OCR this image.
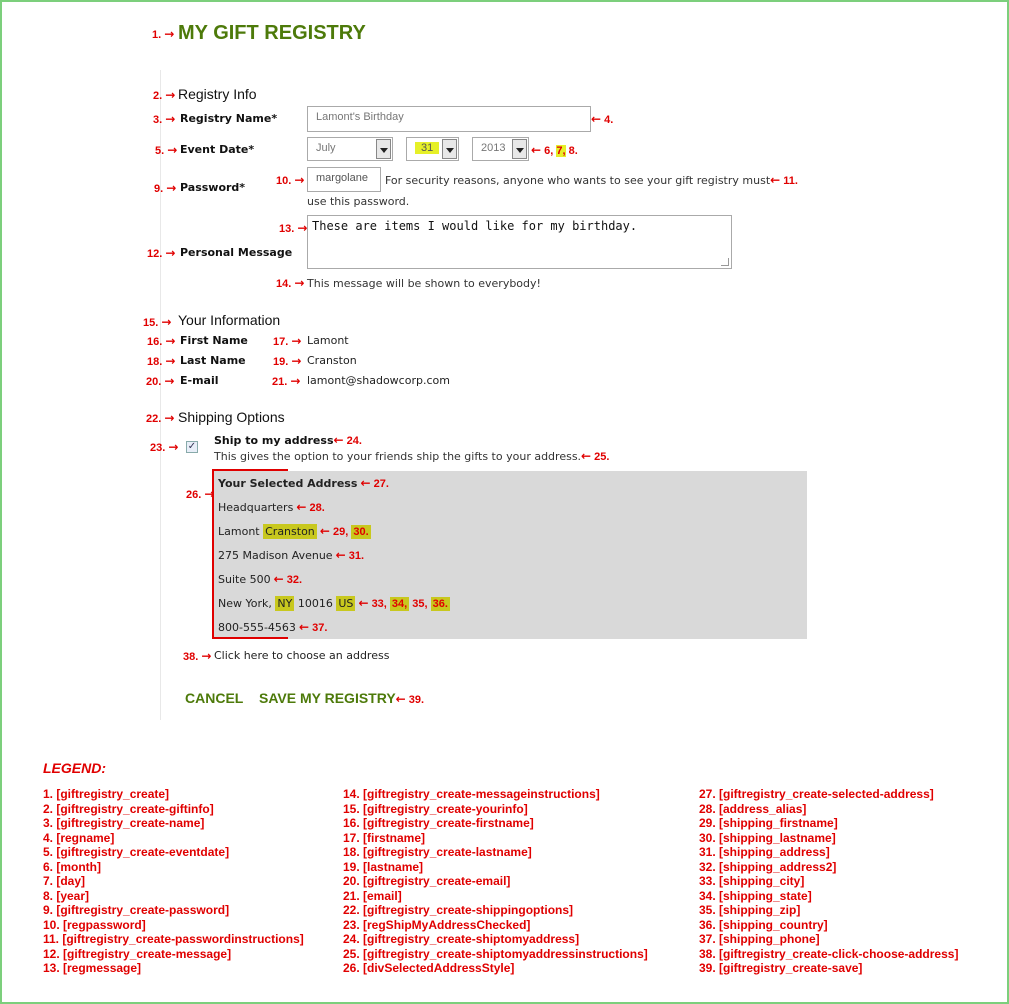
1. → MY GIFT REGISTRY
2. → Registry Info
3. → Registry Name*	Lamont's Birthday	← 4.
5. → Event Date*	July	31	2013	← 6, 7, 8.
9. → Password*	10. →	margolane	For security reasons, anyone who wants to see your gift registry must← 11.
use this password.
12. → Personal Message
13. → These are items I would like for my birthday.
14. → This message will be shown to everybody!
15. → Your Information
16. → First Name 17. → Lamont
18. → Last Name 19. → Cranston
20. → E-mail	21. → lamont@shadowcorp.com
22. → Shipping Options
23. → ✓ Ship to my address← 24.
This gives the option to your friends ship the gifts to your address.← 25.
26. →
Your Selected Address ← 27.
Headquarters ← 28.
Lamont Cranston ← 29, 30.
275 Madison Avenue ← 31.
Suite 500 ← 32.
New York, NY 10016 US ← 33, 34, 35, 36.
800-555-4563 ← 37.
38. → Click here to choose an address
CANCEL SAVE MY REGISTRY← 39.
LEGEND:
1. [giftregistry_create]
2. [giftregistry_create-giftinfo]
3. [giftregistry_create-name]
4. [regname]
5. [giftregistry_create-eventdate]
6. [month]
7. [day]
8. [year]
9. [giftregistry_create-password]
10. [regpassword]
11. [giftregistry_create-passwordinstructions]
12. [giftregistry_create-message]
13. [regmessage]
14. [giftregistry_create-messageinstructions]
15. [giftregistry_create-yourinfo]
16. [giftregistry_create-firstname]
17. [firstname]
18. [giftregistry_create-lastname]
19. [lastname]
20. [giftregistry_create-email]
21. [email]
22. [giftregistry_create-shippingoptions]
23. [regShipMyAddressChecked]
24. [giftregistry_create-shiptomyaddress]
25. [giftregistry_create-shiptomyaddressinstructions]
26. [divSelectedAddressStyle]
27. [giftregistry_create-selected-address]
28. [address_alias]
29. [shipping_firstname]
30. [shipping_lastname]
31. [shipping_address]
32. [shipping_address2]
33. [shipping_city]
34. [shipping_state]
35. [shipping_zip]
36. [shipping_country]
37. [shipping_phone]
38. [giftregistry_create-click-choose-address]
39. [giftregistry_create-save]
